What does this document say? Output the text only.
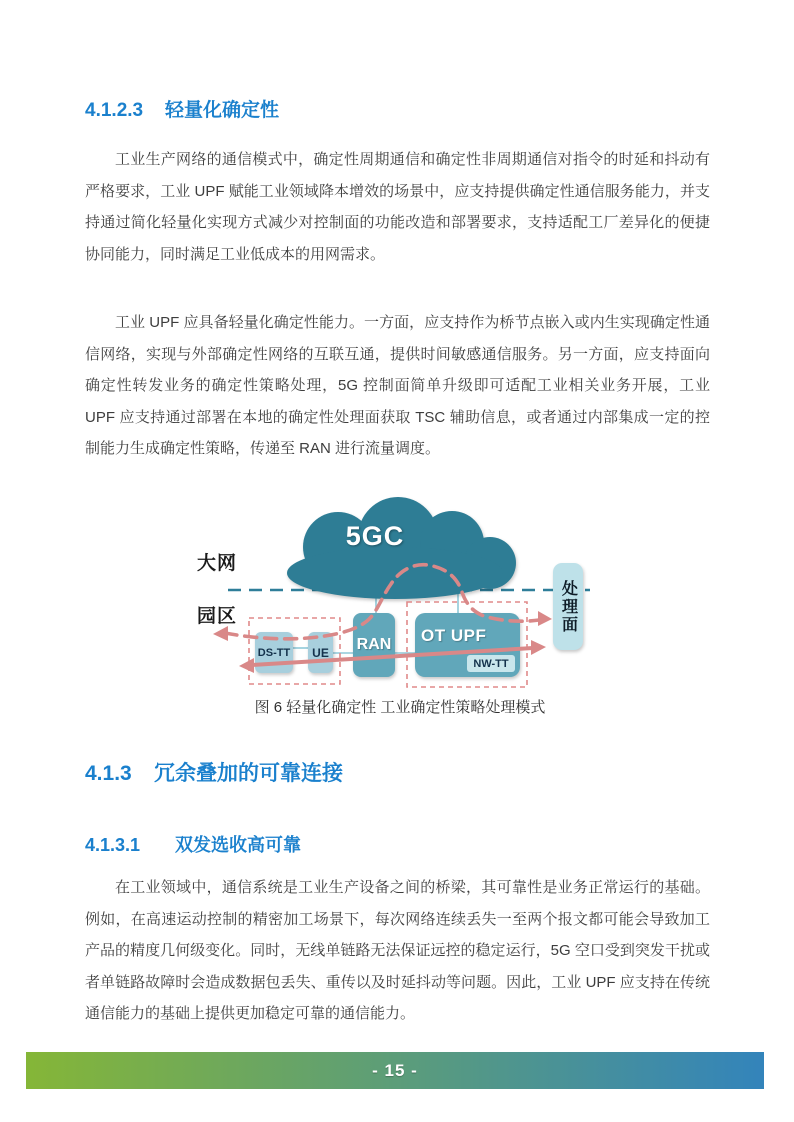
4.1.2.3 轻量化确定性

工业生产网络的通信模式中，确定性周期通信和确定性非周期通信对指令的时延和抖动有严格要求，工业 UPF 赋能工业领域降本增效的场景中，应支持提供确定性通信服务能力，并支持通过简化轻量化实现方式减少对控制面的功能改造和部署要求，支持适配工厂差异化的便捷协同能力，同时满足工业低成本的用网需求。

工业 UPF 应具备轻量化确定性能力。一方面，应支持作为桥节点嵌入或内生实现确定性通信网络，实现与外部确定性网络的互联互通，提供时间敏感通信服务。另一方面，应支持面向确定性转发业务的确定性策略处理，5G 控制面简单升级即可适配工业相关业务开展，工业 UPF 应支持通过部署在本地的确定性处理面获取 TSC 辅助信息，或者通过内部集成一定的控制能力生成确定性策略，传递至 RAN 进行流量调度。

大网
园区
5GC
DS-TT	UE RAN OT UPF
NW-TT
处理面
图 6 轻量化确定性 工业确定性策略处理模式
4.1.3 冗余叠加的可靠连接
4.1.3.1 双发选收高可靠

在工业领域中，通信系统是工业生产设备之间的桥梁，其可靠性是业务正常运行的基础。例如，在高速运动控制的精密加工场景下，每次网络连续丢失一至两个报文都可能会导致加工产品的精度几何级变化。同时，无线单链路无法保证远控的稳定运行，5G 空口受到突发干扰或者单链路故障时会造成数据包丢失、重传以及时延抖动等问题。因此，工业 UPF 应支持在传统通信能力的基础上提供更加稳定可靠的通信能力。

- 15 -
